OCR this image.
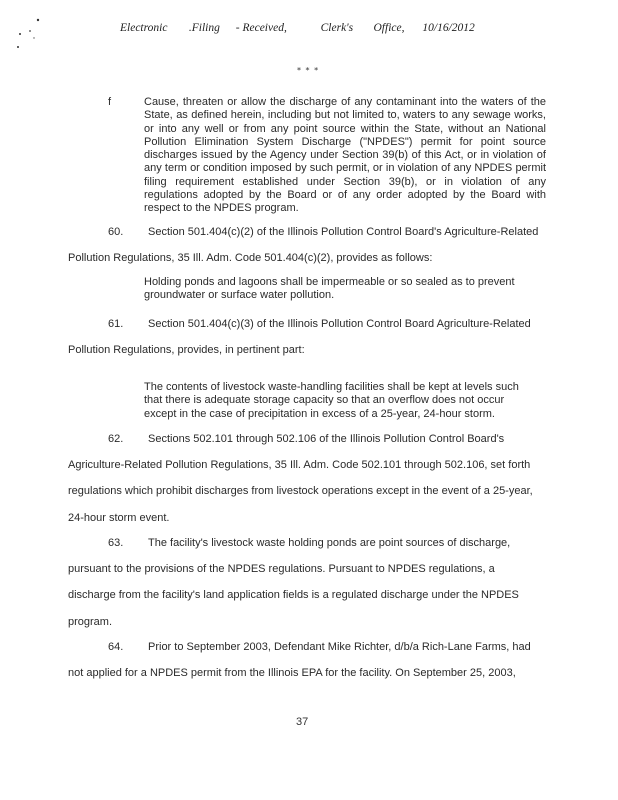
Electronic .Filing - Received,	Clerk's Office, 10/16/2012
* * *
f	Cause, threaten or allow the discharge of any contaminant into the waters of the State, as defined herein, including but not limited to, waters to any sewage works, or into any well or from any point source within the State, without an National Pollution Elimination System Discharge ("NPDES") permit for point source discharges issued by the Agency under Section 39(b) of this Act, or in violation of any term or condition imposed by such permit, or in violation of any NPDES permit filing requirement established under Section 39(b), or in violation of any regulations adopted by the Board or of any order adopted by the Board with respect to the NPDES program.
60. Section 501.404(c)(2) of the Illinois Pollution Control Board's Agriculture-Related Pollution Regulations, 35 Ill. Adm. Code 501.404(c)(2), provides as follows:
Holding ponds and lagoons shall be impermeable or so sealed as to prevent groundwater or surface water pollution.
61. Section 501.404(c)(3) of the Illinois Pollution Control Board Agriculture-Related Pollution Regulations, provides, in pertinent part:
The contents of livestock waste-handling facilities shall be kept at levels such that there is adequate storage capacity so that an overflow does not occur except in the case of precipitation in excess of a 25-year, 24-hour storm.
62. Sections 502.101 through 502.106 of the Illinois Pollution Control Board's Agriculture-Related Pollution Regulations, 35 Ill. Adm. Code 502.101 through 502.106, set forth regulations which prohibit discharges from livestock operations except in the event of a 25-year, 24-hour storm event.
63. The facility's livestock waste holding ponds are point sources of discharge, pursuant to the provisions of the NPDES regulations. Pursuant to NPDES regulations, a discharge from the facility's land application fields is a regulated discharge under the NPDES program.
64. Prior to September 2003, Defendant Mike Richter, d/b/a Rich-Lane Farms, had not applied for a NPDES permit from the Illinois EPA for the facility. On September 25, 2003,
37
